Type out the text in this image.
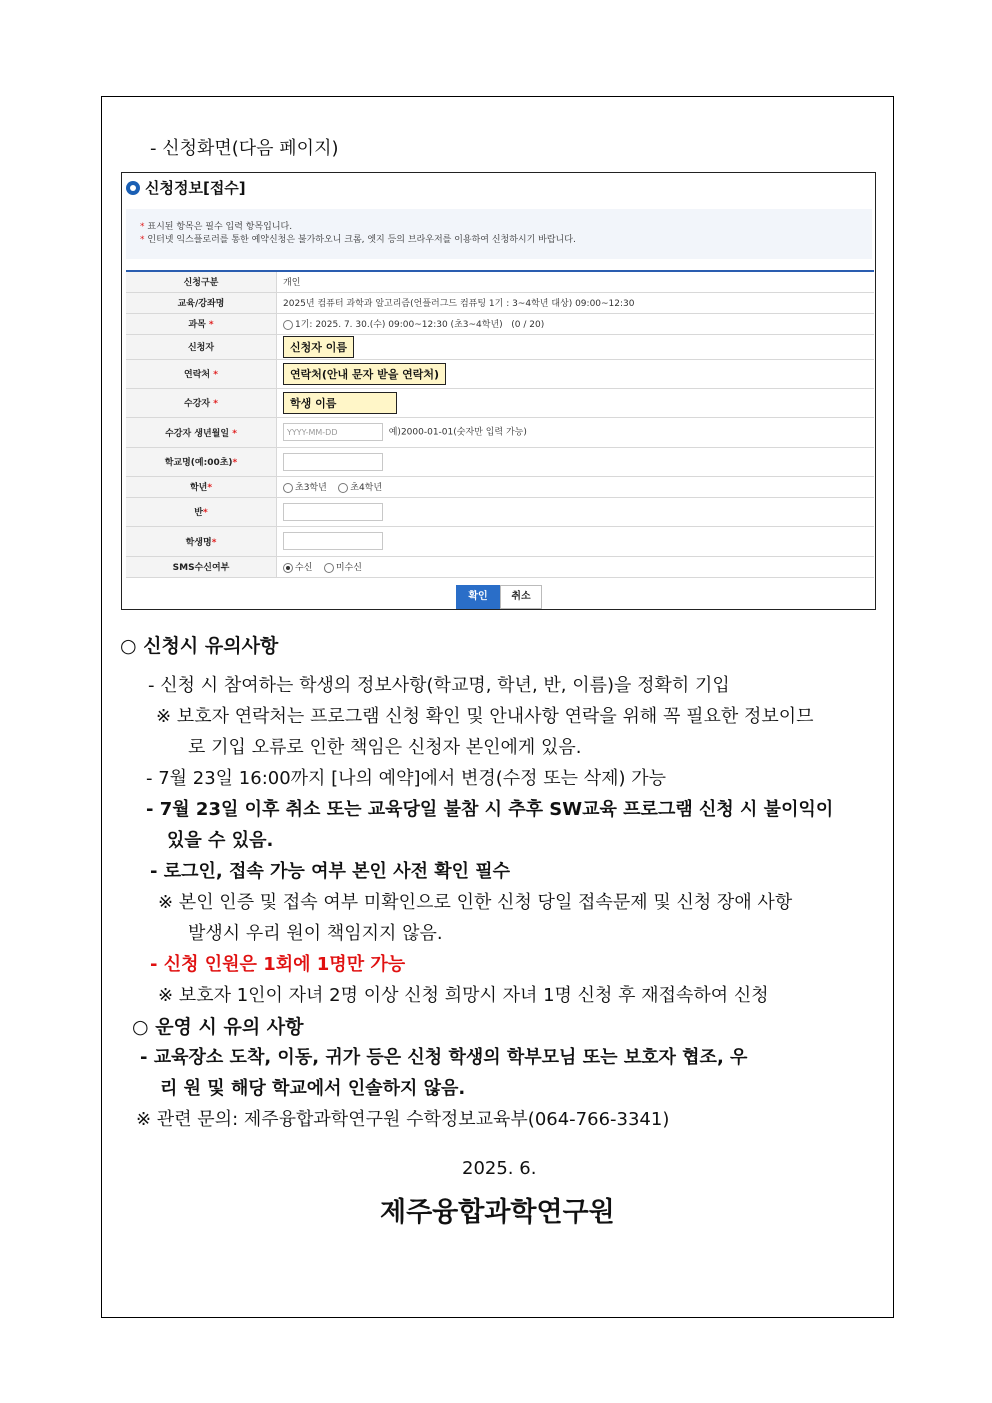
- 신청화면(다음 페이지)
신청정보[접수]
* 표시된 항목은 필수 입력 항목입니다.
* 인터넷 익스플로러를 통한 예약신청은 불가하오니 크롬, 엣지 등의 브라우저를 이용하여 신청하시기 바랍니다.
신청구분	개인
교육/강좌명	2025년 컴퓨터 과학과 알고리즘(언플러그드 컴퓨팅 1기 : 3~4학년 대상) 09:00~12:30
과목 *	1기: 2025. 7. 30.(수) 09:00~12:30 (초3~4학년) (0 / 20)
신청자	신청자 이름
연락처 *	연락처(안내 문자 받을 연락처)
수강자 *	학생 이름
수강자 생년월일 *	YYYY-MM-DD 예)2000-01-01(숫자만 입력 가능)
학교명(예:00초)*	
학년*	초3학년 초4학년
반*	
학생명*	
SMS수신여부	수신 미수신
확인	취소
○ 신청시 유의사항
- 신청 시 참여하는 학생의 정보사항(학교명, 학년, 반, 이름)을 정확히 기입
※ 보호자 연락처는 프로그램 신청 확인 및 안내사항 연락을 위해 꼭 필요한 정보이므
로 기입 오류로 인한 책임은 신청자 본인에게 있음.
- 7월 23일 16:00까지 [나의 예약]에서 변경(수정 또는 삭제) 가능
- 7월 23일 이후 취소 또는 교육당일 불참 시 추후 SW교육 프로그램 신청 시 불이익이
있을 수 있음.
- 로그인, 접속 가능 여부 본인 사전 확인 필수
※ 본인 인증 및 접속 여부 미확인으로 인한 신청 당일 접속문제 및 신청 장애 사항
발생시 우리 원이 책임지지 않음.
- 신청 인원은 1회에 1명만 가능
※ 보호자 1인이 자녀 2명 이상 신청 희망시 자녀 1명 신청 후 재접속하여 신청
○ 운영 시 유의 사항
- 교육장소 도착, 이동, 귀가 등은 신청 학생의 학부모님 또는 보호자 협조, 우
리 원 및 해당 학교에서 인솔하지 않음.
※ 관련 문의: 제주융합과학연구원 수학정보교육부(064-766-3341)
2025. 6.
제주융합과학연구원
